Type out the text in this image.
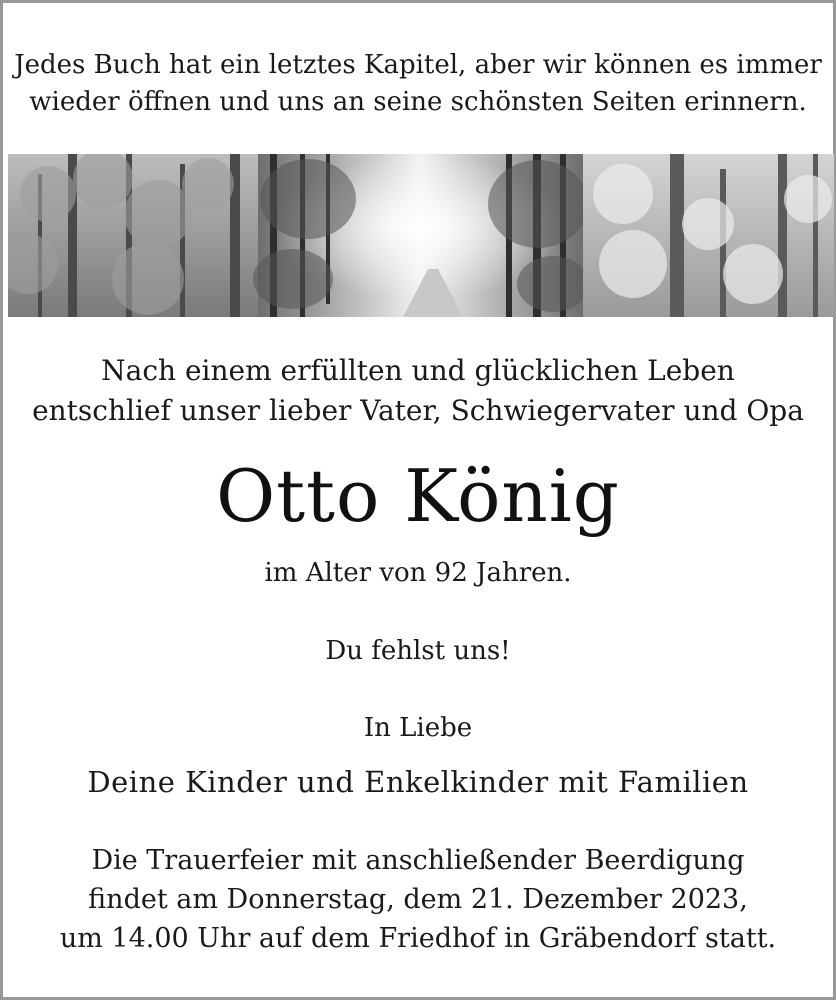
Jedes Buch hat ein letztes Kapitel, aber wir können es immer
wieder öffnen und uns an seine schönsten Seiten erinnern.
Nach einem erfüllten und glücklichen Leben
entschlief unser lieber Vater, Schwiegervater und Opa
Otto König
im Alter von 92 Jahren.
Du fehlst uns!
In Liebe
Deine Kinder und Enkelkinder mit Familien
Die Trauerfeier mit anschließender Beerdigung
findet am Donnerstag, dem 21. Dezember 2023,
um 14.00 Uhr auf dem Friedhof in Gräbendorf statt.
